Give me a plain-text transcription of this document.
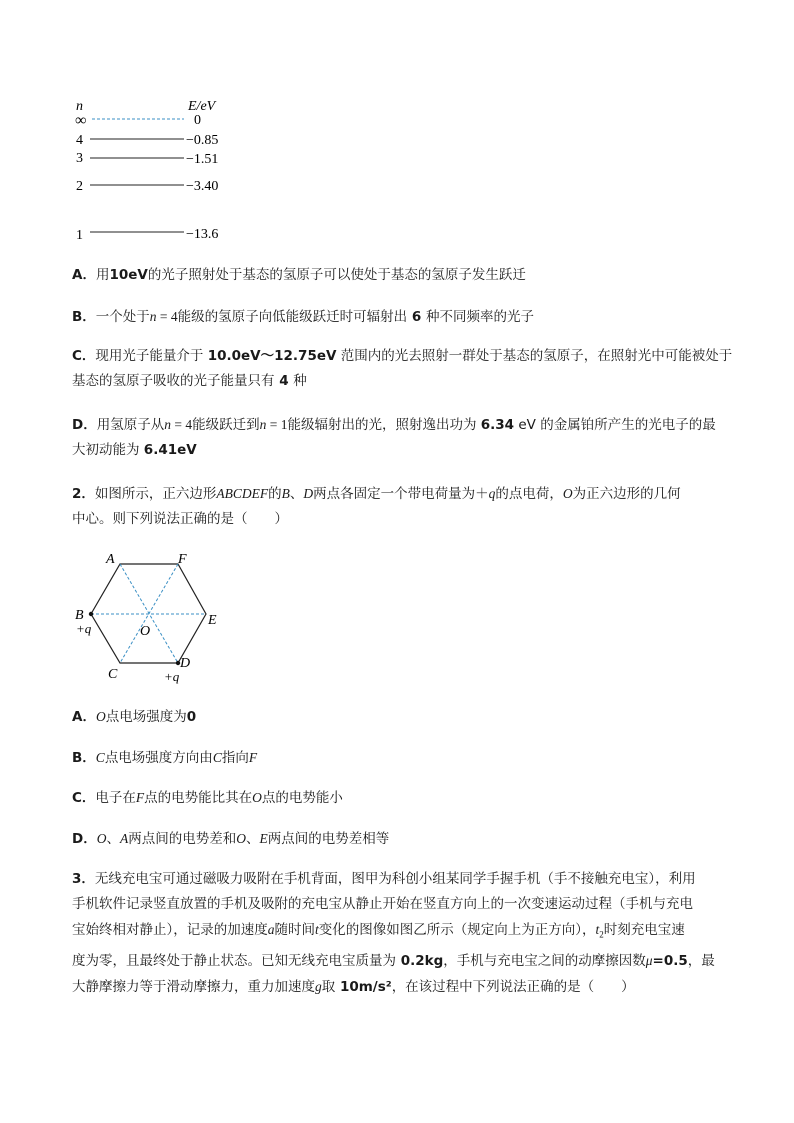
n	E/eV
∞	0
4	−0.85
3	−1.51
2	−3.40
1	−13.6
A．用10eV的光子照射处于基态的氢原子可以使处于基态的氢原子发生跃迁
B．一个处于n = 4能级的氢原子向低能级跃迁时可辐射出 6 种不同频率的光子
C．现用光子能量介于 10.0eV～12.75eV 范围内的光去照射一群处于基态的氢原子，在照射光中可能被处于
基态的氢原子吸收的光子能量只有 4 种
D．用氢原子从n = 4能级跃迁到n = 1能级辐射出的光，照射逸出功为 6.34 eV 的金属铂所产生的光电子的最
大初动能为 6.41eV
2．如图所示，正六边形ABCDEF的B、D两点各固定一个带电荷量为＋q的点电荷，O为正六边形的几何
中心。则下列说法正确的是（　　）
A	F
B
+q
E
O
C
D
+q
A．O点电场强度为0
B．C点电场强度方向由C指向F
C．电子在F点的电势能比其在O点的电势能小
D．O、A两点间的电势差和O、E两点间的电势差相等
3．无线充电宝可通过磁吸力吸附在手机背面，图甲为科创小组某同学手握手机（手不接触充电宝），利用
手机软件记录竖直放置的手机及吸附的充电宝从静止开始在竖直方向上的一次变速运动过程（手机与充电
宝始终相对静止），记录的加速度a随时间t变化的图像如图乙所示（规定向上为正方向），$t_2$时刻充电宝速
度为零，且最终处于静止状态。已知无线充电宝质量为 0.2kg，手机与充电宝之间的动摩擦因数μ=0.5，最
大静摩擦力等于滑动摩擦力，重力加速度g取 10m/s²，在该过程中下列说法正确的是（　　）
